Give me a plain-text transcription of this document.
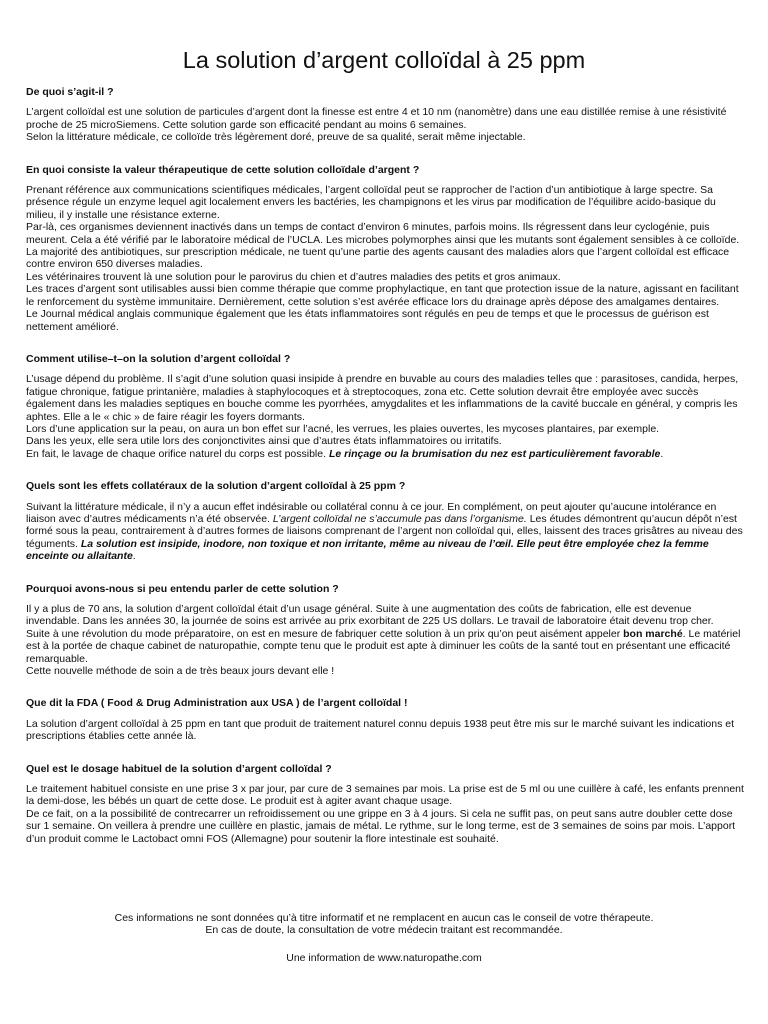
La solution d’argent colloïdal à 25 ppm
De quoi s’agit-il ?

L’argent colloïdal est une solution de particules d’argent dont la finesse est entre 4 et 10 nm (nanomètre) dans une eau distillée remise à une résistivité proche de 25 microSiemens. Cette solution garde son efficacité pendant au moins 6 semaines.

Selon la littérature médicale, ce colloïde très légèrement doré, preuve de sa qualité, serait même injectable.

En quoi consiste la valeur thérapeutique de cette solution colloïdale d’argent ?

Prenant référence aux communications scientifiques médicales, l’argent colloïdal peut se rapprocher de l’action d’un antibiotique à large spectre. Sa présence régule un enzyme lequel agit localement envers les bactéries, les champignons et les virus par modification de l’équilibre acido-basique du milieu, il y installe une résistance externe.

Par-là, ces organismes deviennent inactivés dans un temps de contact d’environ 6 minutes, parfois moins. Ils régressent dans leur cyclogénie, puis meurent. Cela a été vérifié par le laboratoire médical de l’UCLA. Les microbes polymorphes ainsi que les mutants sont également sensibles à ce colloïde. La majorité des antibiotiques, sur prescription médicale, ne tuent qu’une partie des agents causant des maladies alors que l’argent colloïdal est efficace contre environ 650 diverses maladies.

Les vétérinaires trouvent là une solution pour le parovirus du chien et d’autres maladies des petits et gros animaux.

Les traces d’argent sont utilisables aussi bien comme thérapie que comme prophylactique, en tant que protection issue de la nature, agissant en facilitant le renforcement du système immunitaire. Dernièrement, cette solution s’est avérée efficace lors du drainage après dépose des amalgames dentaires.

Le Journal médical anglais communique également que les états inflammatoires sont régulés en peu de temps et que le processus de guérison est nettement amélioré.

Comment utilise–t–on la solution d’argent colloïdal ?

L’usage dépend du problème. Il s’agit d’une solution quasi insipide à prendre en buvable au cours des maladies telles que : parasitoses, candida, herpes, fatigue chronique, fatigue printanière, maladies à staphylocoques et à streptocoques, zona etc. Cette solution devrait être employée avec succès également dans les maladies septiques en bouche comme les pyorrhées, amygdalites et les inflammations de la cavité buccale en général, y compris les aphtes. Elle a le « chic » de faire réagir les foyers dormants.

Lors d’une application sur la peau, on aura un bon effet sur l’acné, les verrues, les plaies ouvertes, les mycoses plantaires, par exemple.

Dans les yeux, elle sera utile lors des conjonctivites ainsi que d’autres états inflammatoires ou irritatifs.

En fait, le lavage de chaque orifice naturel du corps est possible. Le rinçage ou la brumisation du nez est particulièrement favorable.

Quels sont les effets collatéraux de la solution d’argent colloïdal à 25 ppm ?

Suivant la littérature médicale, il n’y a aucun effet indésirable ou collatéral connu à ce jour. En complément, on peut ajouter qu’aucune intolérance en liaison avec d’autres médicaments n’a été observée. L’argent colloïdal ne s’accumule pas dans l’organisme. Les études démontrent qu’aucun dépôt n’est formé sous la peau, contrairement à d’autres formes de liaisons comprenant de l’argent non colloïdal qui, elles, laissent des traces grisâtres au niveau des téguments. La solution est insipide, inodore, non toxique et non irritante, même au niveau de l’œil. Elle peut être employée chez la femme enceinte ou allaitante.

Pourquoi avons-nous si peu entendu parler de cette solution ?

Il y a plus de 70 ans, la solution d’argent colloïdal était d’un usage général. Suite à une augmentation des coûts de fabrication, elle est devenue invendable. Dans les années 30, la journée de soins est arrivée au prix exorbitant de 225 US dollars. Le travail de laboratoire était devenu trop cher.

Suite à une révolution du mode préparatoire, on est en mesure de fabriquer cette solution à un prix qu’on peut aisément appeler bon marché. Le matériel est à la portée de chaque cabinet de naturopathie, compte tenu que le produit est apte à diminuer les coûts de la santé tout en présentant une efficacité remarquable.

Cette nouvelle méthode de soin a de très beaux jours devant elle !

Que dit la FDA ( Food & Drug Administration aux USA ) de l’argent colloïdal !

La solution d’argent colloïdal à 25 ppm en tant que produit de traitement naturel connu depuis 1938 peut être mis sur le marché suivant les indications et prescriptions établies cette année là.

Quel est le dosage habituel de la solution d’argent colloïdal ?

Le traitement habituel consiste en une prise 3 x par jour, par cure de 3 semaines par mois. La prise est de 5 ml ou une cuillère à café, les enfants prennent la demi-dose, les bébés un quart de cette dose. Le produit est à agiter avant chaque usage.

De ce fait, on a la possibilité de contrecarrer un refroidissement ou une grippe en 3 à 4 jours. Si cela ne suffit pas, on peut sans autre doubler cette dose sur 1 semaine. On veillera à prendre une cuillère en plastic, jamais de métal. Le rythme, sur le long terme, est de 3 semaines de soins par mois. L’apport d’un produit comme le Lactobact omni FOS (Allemagne) pour soutenir la flore intestinale est souhaité.

Ces informations ne sont données qu’à titre informatif et ne remplacent en aucun cas le conseil de votre thérapeute.
En cas de doute, la consultation de votre médecin traitant est recommandée.
Une information de www.naturopathe.com
